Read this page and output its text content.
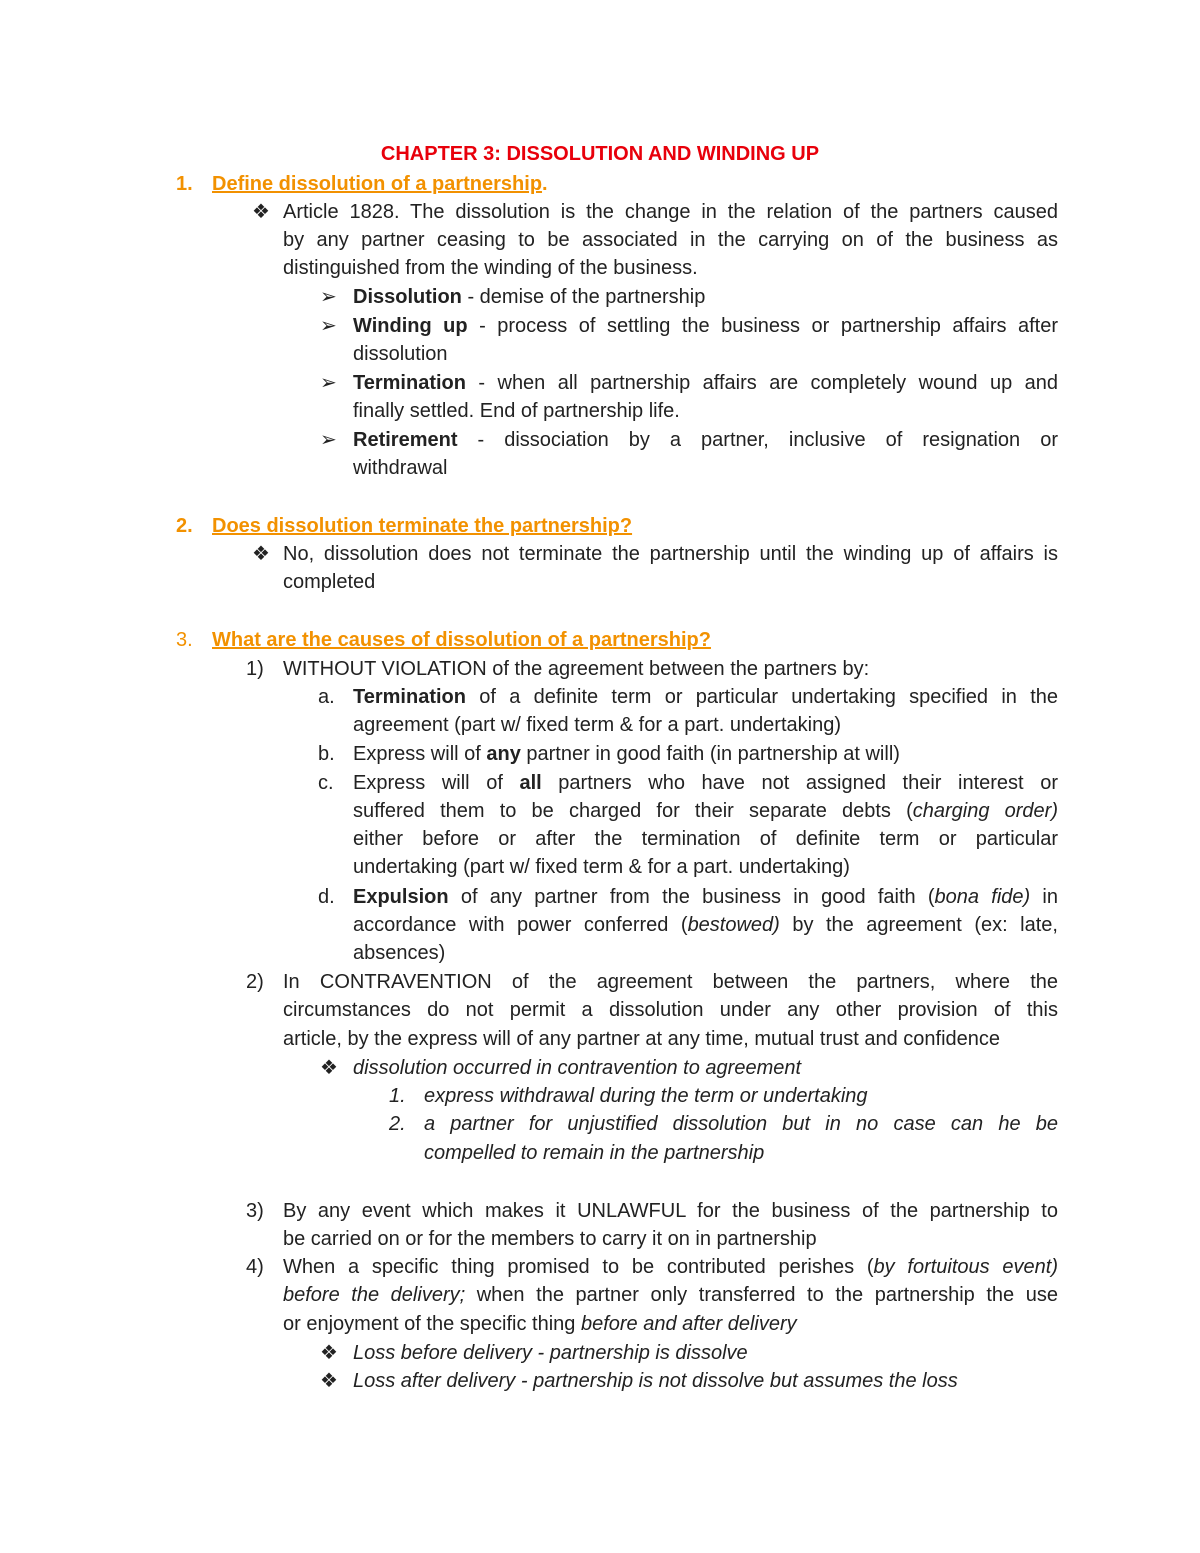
CHAPTER 3: DISSOLUTION AND WINDING UP
1. Define dissolution of a partnership.
❖ Article 1828. The dissolution is the change in the relation of the partners caused
by any partner ceasing to be associated in the carrying on of the business as
distinguished from the winding of the business.
➢ Dissolution - demise of the partnership
➢ Winding up - process of settling the business or partnership affairs after
dissolution
➢ Termination - when all partnership affairs are completely wound up and
finally settled. End of partnership life.
➢ Retirement - dissociation by a partner, inclusive of resignation or
withdrawal
2. Does dissolution terminate the partnership?
❖ No, dissolution does not terminate the partnership until the winding up of affairs is
completed
3. What are the causes of dissolution of a partnership?
1) WITHOUT VIOLATION of the agreement between the partners by:
a. Termination of a definite term or particular undertaking specified in the
agreement (part w/ fixed term & for a part. undertaking)
b. Express will of any partner in good faith (in partnership at will)
c. Express will of all partners who have not assigned their interest or
suffered them to be charged for their separate debts (charging order)
either before or after the termination of definite term or particular
undertaking (part w/ fixed term & for a part. undertaking)
d. Expulsion of any partner from the business in good faith (bona fide) in
accordance with power conferred (bestowed) by the agreement (ex: late,
absences)
2) In CONTRAVENTION of the agreement between the partners, where the
circumstances do not permit a dissolution under any other provision of this
article, by the express will of any partner at any time, mutual trust and confidence
❖ dissolution occurred in contravention to agreement
1. express withdrawal during the term or undertaking
2. a partner for unjustified dissolution but in no case can he be
compelled to remain in the partnership
3) By any event which makes it UNLAWFUL for the business of the partnership to
be carried on or for the members to carry it on in partnership
4) When a specific thing promised to be contributed perishes (by fortuitous event)
before the delivery; when the partner only transferred to the partnership the use
or enjoyment of the specific thing before and after delivery
❖ Loss before delivery - partnership is dissolve
❖ Loss after delivery - partnership is not dissolve but assumes the loss
